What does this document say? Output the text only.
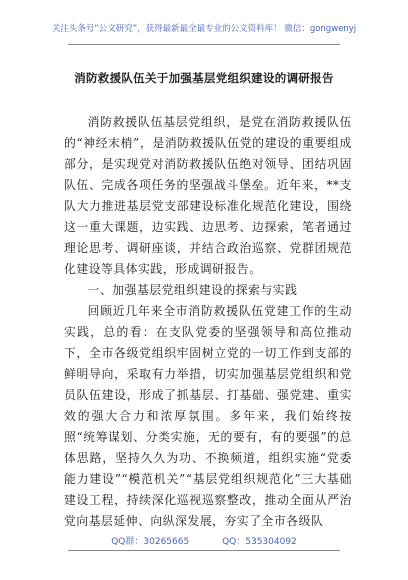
关注头条号“公文研究”，获得最新最全最专业的公文资料库！ 微信：gongwenyj
消防救援队伍关于加强基层党组织建设的调研报告

消防救援队伍基层党组织，是党在消防救援队伍的“神经末梢”，是消防救援队伍党的建设的重要组成部分，是实现党对消防救援队伍绝对领导、团结巩固队伍、完成各项任务的坚强战斗堡垒。近年来，**支队大力推进基层党支部建设标准化规范化建设，围绕这一重大课题，边实践、边思考、边探索，笔者通过理论思考、调研座谈，并结合政治巡察、党群团规范化建设等具体实践，形成调研报告。

一、加强基层党组织建设的探索与实践

回顾近几年来全市消防救援队伍党建工作的生动实践，总的看：在支队党委的坚强领导和高位推动下，全市各级党组织牢固树立党的一切工作到支部的鲜明导向，采取有力举措，切实加强基层党组织和党员队伍建设，形成了抓基层、打基础、强党建、重实效的强大合力和浓厚氛围。多年来，我们始终按照“统筹谋划、分类实施，无的要有，有的要强”的总体思路，坚持久久为功、不换频道，组织实施“党委能力建设”“模范机关”“基层党组织规范化”三大基础建设工程，持续深化巡视巡察整改，推动全面从严治党向基层延伸、向纵深发展，夯实了全市各级队

QQ群：30265665	QQ：535304092
